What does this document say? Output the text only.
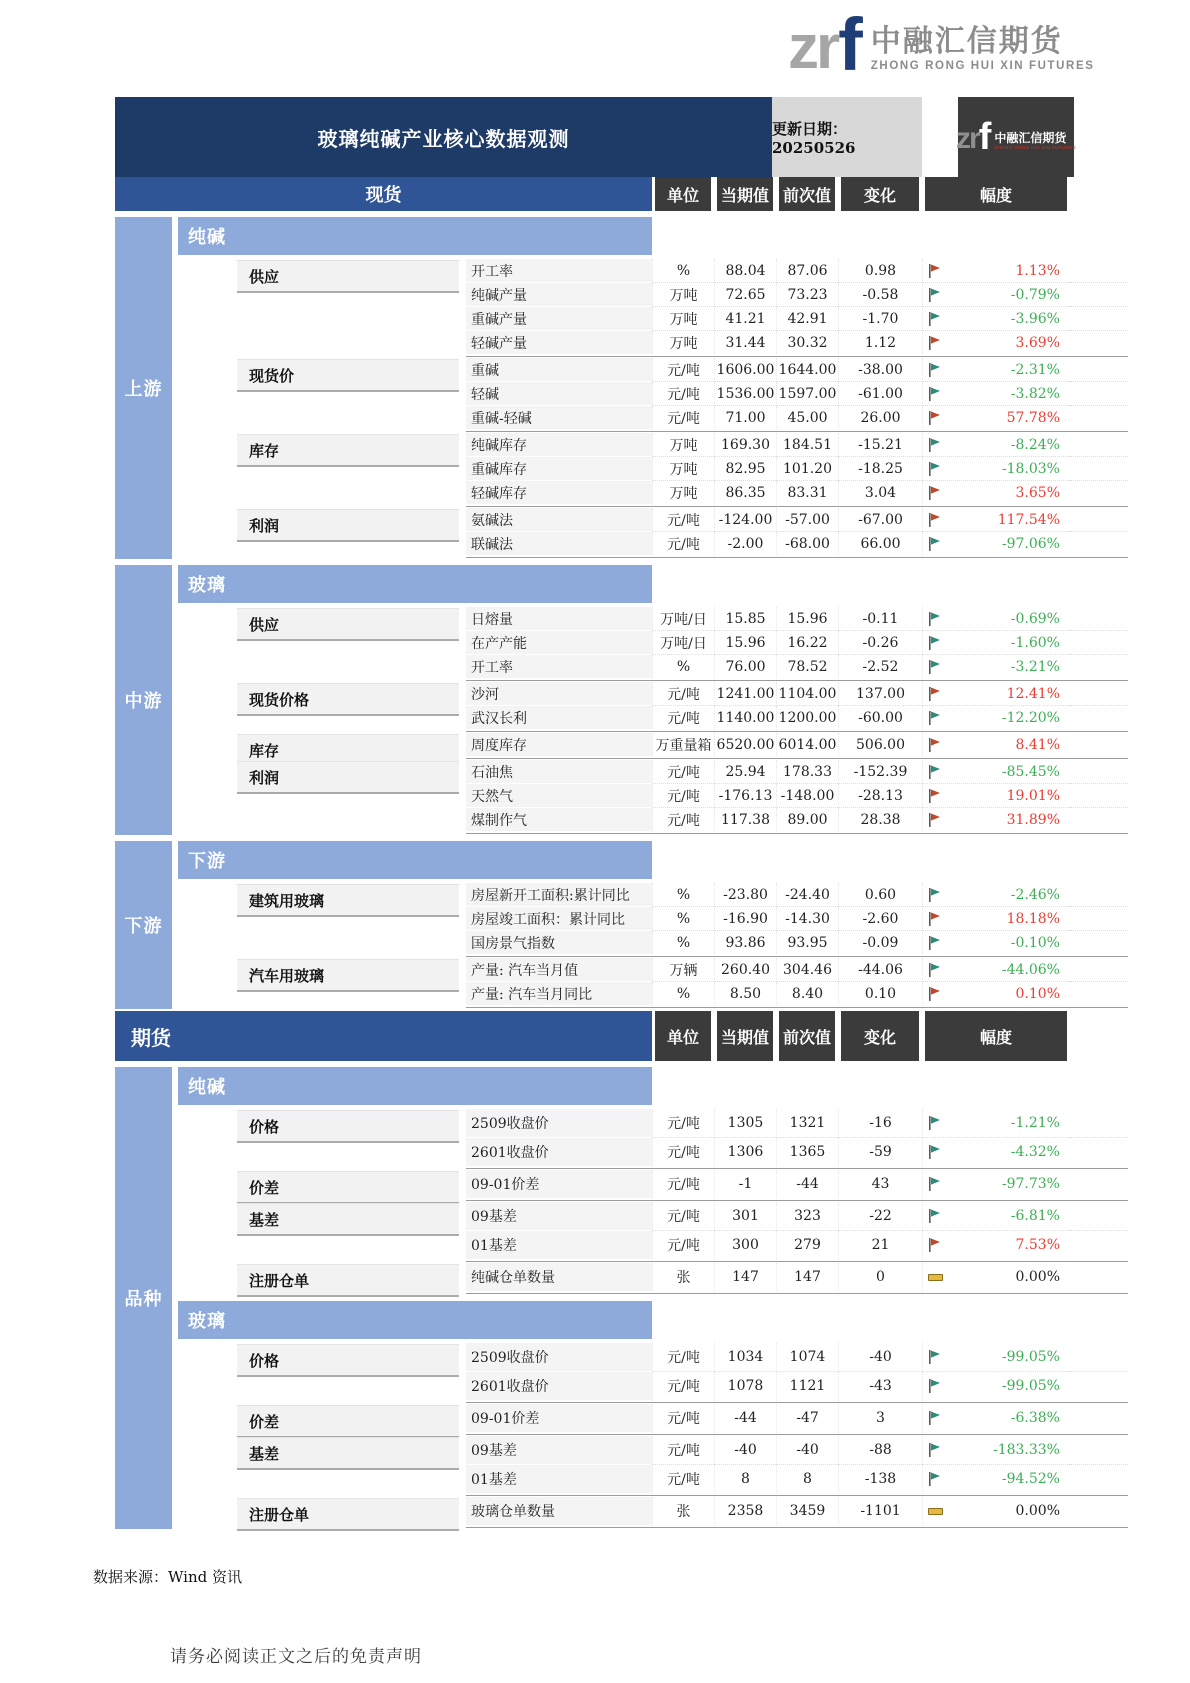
zr f 中融汇信期货
ZHONG RONG HUI XIN FUTURES
玻璃纯碱产业核心数据观测	更新日期：20250526	zr f 中融汇信期货
ZHONG RONG HUI XIN FUTURES
现货	单位	当期值 前次值	变化	幅度
上游
纯碱
供应	开工率	%	88.04	87.06	0.98	1.13%
纯碱产量	万吨	72.65	73.23	-0.58	-0.79%
重碱产量	万吨	41.21	42.91	-1.70	-3.96%
轻碱产量	万吨	31.44	30.32	1.12	3.69%
现货价	重碱	元/吨	1606.00 1644.00	-38.00	-2.31%
轻碱	元/吨	1536.00 1597.00	-61.00	-3.82%
重碱-轻碱	元/吨	71.00	45.00	26.00	57.78%
库存	纯碱库存	万吨	169.30 184.51	-15.21	-8.24%
重碱库存	万吨	82.95	101.20	-18.25	-18.03%
轻碱库存	万吨	86.35	83.31	3.04	3.65%
利润	氨碱法	元/吨	-124.00 -57.00	-67.00	117.54%
联碱法	元/吨	-2.00	-68.00	66.00	-97.06%
中游
玻璃
供应	日熔量	万吨/日	15.85	15.96	-0.11	-0.69%
在产产能	万吨/日	15.96	16.22	-0.26	-1.60%
开工率	%	76.00	78.52	-2.52	-3.21%
现货价格	沙河	元/吨	1241.00 1104.00	137.00	12.41%
武汉长利	元/吨	1140.00 1200.00	-60.00	-12.20%
库存	周度库存	万重量箱 6520.00 6014.00	506.00	8.41%
利润	石油焦	元/吨	25.94	178.33	-152.39	-85.45%
天然气	元/吨	-176.13 -148.00	-28.13	19.01%
煤制作气	元/吨	117.38	89.00	28.38	31.89%
下游
下游
建筑用玻璃	房屋新开工面积:累计同比	%	-23.80	-24.40	0.60	-2.46%
房屋竣工面积：累计同比	%	-16.90	-14.30	-2.60	18.18%
国房景气指数	%	93.86	93.95	-0.09	-0.10%
汽车用玻璃	产量: 汽车当月值	万辆	260.40 304.46	-44.06	-44.06%
产量: 汽车当月同比	%	8.50	8.40	0.10	0.10%
期货	单位	当期值 前次值	变化	幅度
品种
纯碱
价格	2509收盘价	元/吨	1305	1321	-16	-1.21%
2601收盘价	元/吨	1306	1365	-59	-4.32%
价差	09-01价差	元/吨	-1	-44	43	-97.73%
基差	09基差	元/吨	301	323	-22	-6.81%
01基差	元/吨	300	279	21	7.53%
注册仓单	纯碱仓单数量	张	147	147	0	0.00%
玻璃
价格	2509收盘价	元/吨	1034	1074	-40	-99.05%
2601收盘价	元/吨	1078	1121	-43	-99.05%
价差	09-01价差	元/吨	-44	-47	3	-6.38%
基差	09基差	元/吨	-40	-40	-88	-183.33%
01基差	元/吨	8	8	-138	-94.52%
注册仓单	玻璃仓单数量	张	2358	3459	-1101	0.00%
数据来源：Wind 资讯
请务必阅读正文之后的免责声明
